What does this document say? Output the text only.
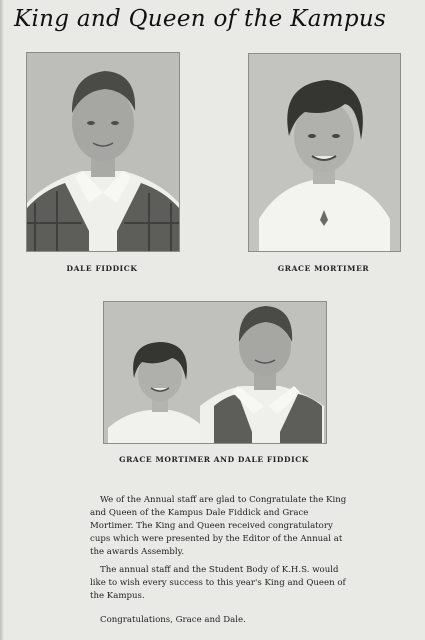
King and Queen of the Kampus
DALE FIDDICK	GRACE MORTIMER
GRACE MORTIMER AND DALE FIDDICK

We of the Annual staff are glad to Congratulate the King and Queen of the Kampus Dale Fiddick and Grace Mortimer. The King and Queen received congratulatory cups which were presented by the Editor of the Annual at the awards Assembly.

The annual staff and the Student Body of K.H.S. would like to wish every success to this year's King and Queen of the Kampus.

Congratulations, Grace and Dale.
